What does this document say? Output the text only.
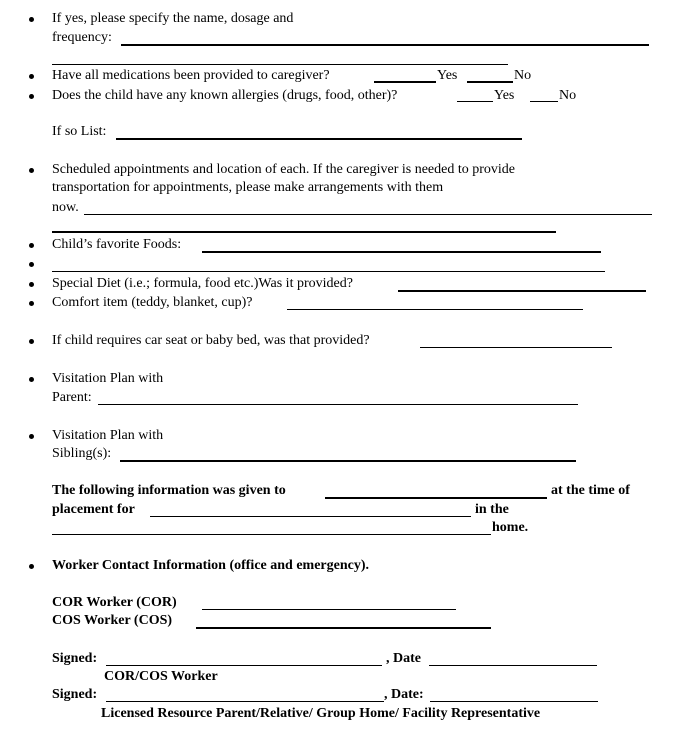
If yes, please specify the name, dosage and
frequency:
Have all medications been provided to caregiver?	Yes	No
Does the child have any known allergies (drugs, food, other)?	Yes	No
If so List:
Scheduled appointments and location of each. If the caregiver is needed to provide
transportation for appointments, please make arrangements with them
now.
Child’s favorite Foods:
Special Diet (i.e.; formula, food etc.)Was it provided?
Comfort item (teddy, blanket, cup)?
If child requires car seat or baby bed, was that provided?
Visitation Plan with
Parent:
Visitation Plan with
Sibling(s):
The following information was given to	at the time of
placement for	in the
home.
Worker Contact Information (office and emergency).
COR Worker (COR)
COS Worker (COS)
Signed:	, Date
COR/COS Worker
Signed:	, Date:
Licensed Resource Parent/Relative/ Group Home/ Facility Representative
